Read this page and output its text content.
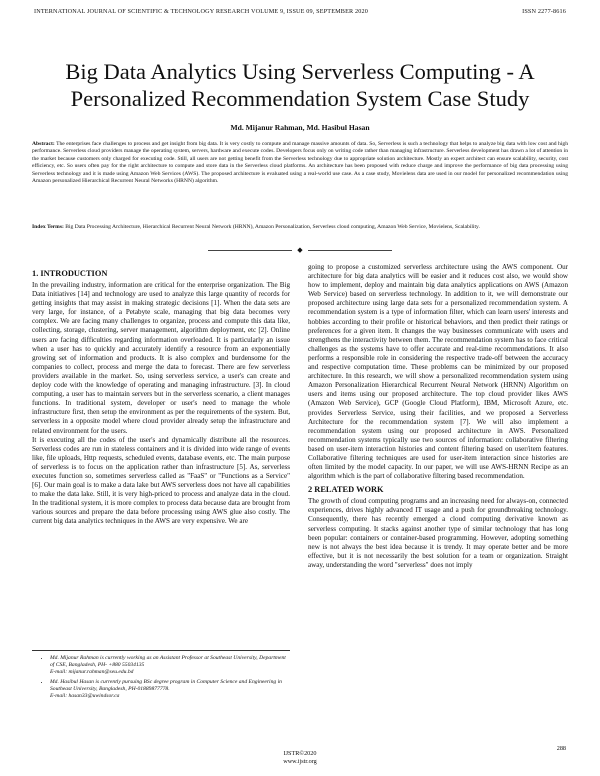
INTERNATIONAL JOURNAL OF SCIENTIFIC & TECHNOLOGY RESEARCH VOLUME 9, ISSUE 09, SEPTEMBER 2020	ISSN 2277-8616
Big Data Analytics Using Serverless Computing - A Personalized Recommendation System Case Study
Md. Mijanur Rahman, Md. Hasibul Hasan
Abstract: The enterprises face challenges to process and get insight from big data. It is very costly to compute and manage massive amounts of data. So, Serverless is such a technology that helps to analyze big data with low cost and high performance. Serverless cloud providers manage the operating system, servers, hardware and execute codes. Developers focus only on writing code rather than managing infrastructure. Serverless development has drawn a lot of attention in the market because customers only charged for executing code. Still, all users are not getting benefit from the Serverless technology due to appropriate solution architecture. Mostly an expert architect can ensure scalability, security, cost efficiency, etc. So users often pay for the right architecture to compute and store data in the Serverless cloud platforms. An architecture has been proposed with reduce charge and improve the performance of big data processing using Serverless technology and it is made using Amazon Web Services (AWS). The proposed architecture is evaluated using a real-world use case. As a case study, Movielens data are used in our model for personalized recommendation using Amazon personalized Hierarchical Recurrent Neural Networks (HRNN) algorithm.
Index Terms: Big Data Processing Architecture, Hierarchical Recurrent Neural Network (HRNN), Amazon Personalization, Serverless cloud computing, Amazon Web Service, Movielens, Scalability.
◆
1. INTRODUCTION

In the prevailing industry, information are critical for the enterprise organization. The Big Data initiatives [14] and technology are used to analyze this large quantity of records for getting insights that may assist in making strategic decisions [1]. When the data sets are very large, for instance, of a Petabyte scale, managing that big data becomes very complex. We are facing many challenges to organize, process and compute this data like, collecting, storage, clustering, server management, algorithm deployment, etc [2]. Online users are facing difficulties regarding information overloaded. It is particularly an issue when a user has to quickly and accurately identify a resource from an exponentially growing set of information and products. It is also complex and burdensome for the companies to collect, process and merge the data to forecast. There are few serverless providers available in the market. So, using serverless service, a user's can create and deploy code with the knowledge of operating and managing infrastructure. [3]. In cloud computing, a user has to maintain servers but in the serverless scenario, a client manages functions. In traditional system, developer or user's need to manage the whole infrastructure first, then setup the environment as per the requirements of the system. But, serverless in a opposite model where cloud provider already setup the infrastructure and related environment for the users.

It is executing all the codes of the user's and dynamically distribute all the resources. Serverless codes are run in stateless containers and it is divided into wide range of events like, file uploads, Http requests, scheduled events, database events, etc. The main purpose of serverless is to focus on the application rather than infrastructure [5]. As, serverless executes function so, sometimes serverless called as "FaaS" or "Functions as a Service" [6]. Our main goal is to make a data lake but AWS serverless does not have all capabilities to make the data lake. Still, it is very high-priced to process and analyze data in the cloud. In the traditional system, it is more complex to process data because data are brought from various sources and prepare the data before processing using AWS glue also costly. The current big data analytics techniques in the AWS are very expensive. We are

going to propose a customized serverless architecture using the AWS component. Our architecture for big data analytics will be easier and it reduces cost also, we would show how to implement, deploy and maintain big data analytics applications on AWS (Amazon Web Service) based on serverless technology. In addition to it, we will demonstrate our proposed architecture using large data sets for a personalized recommendation system. A recommendation system is a type of information filter, which can learn users' interests and hobbies according to their profile or historical behaviors, and then predict their ratings or preferences for a given item. It changes the way businesses communicate with users and strengthens the interactivity between them. The recommendation system has to face critical challenges as the systems have to offer accurate and real-time recommendations. It also performs a responsible role in considering the respective trade-off between the accuracy and respective computation time. These problems can be minimized by our proposed architecture. In this research, we will show a personalized recommendation system using Amazon Personalization Hierarchical Recurrent Neural Network (HRNN) Algorithm on users and items using our proposed architecture. The top cloud provider likes AWS (Amazon Web Service), GCP (Google Cloud Platform), IBM, Microsoft Azure, etc. provides Serverless Service, using their facilities, and we proposed a Serverless Architecture for the recommendation system [7]. We will also implement a recommendation system using our proposed architecture in AWS. Personalized recommendation systems typically use two sources of information: collaborative filtering based on user-item interaction histories and content filtering based on user/item features. Collaborative filtering techniques are used for user-item interaction since histories are often limited by the model capacity. In our paper, we will use AWS-HRNN Recipe as an algorithm which is the part of collaborative filtering based recommendation.

2 RELATED WORK

The growth of cloud computing programs and an increasing need for always-on, connected experiences, drives highly advanced IT usage and a push for groundbreaking technology. Consequently, there has recently emerged a cloud computing derivative known as serverless computing. It stacks against another type of similar technology that has long been popular: containers or container-based programming. However, adopting something new is not always the best idea because it is trendy. It may operate better and be more effective, but it is not necessarily the best solution for a team or organization. Straight away, understanding the word "serverless" does not imply

• Md. Mijanur Rahman is currently working as an Assistant Professor at Southeast University, Department of CSE, Bangladesh, PH- +880 55034135
E-mail: mijanur.rahman@seu.edu.bd
• Md. Hasibul Hasan is currently pursuing BSc degree program in Computer Science and Engineering in Southeast University, Bangladesh, PH-01889877778.
E-mail: hasan33@uwindsor.ca
288
IJSTR©2020
www.ijstr.org
